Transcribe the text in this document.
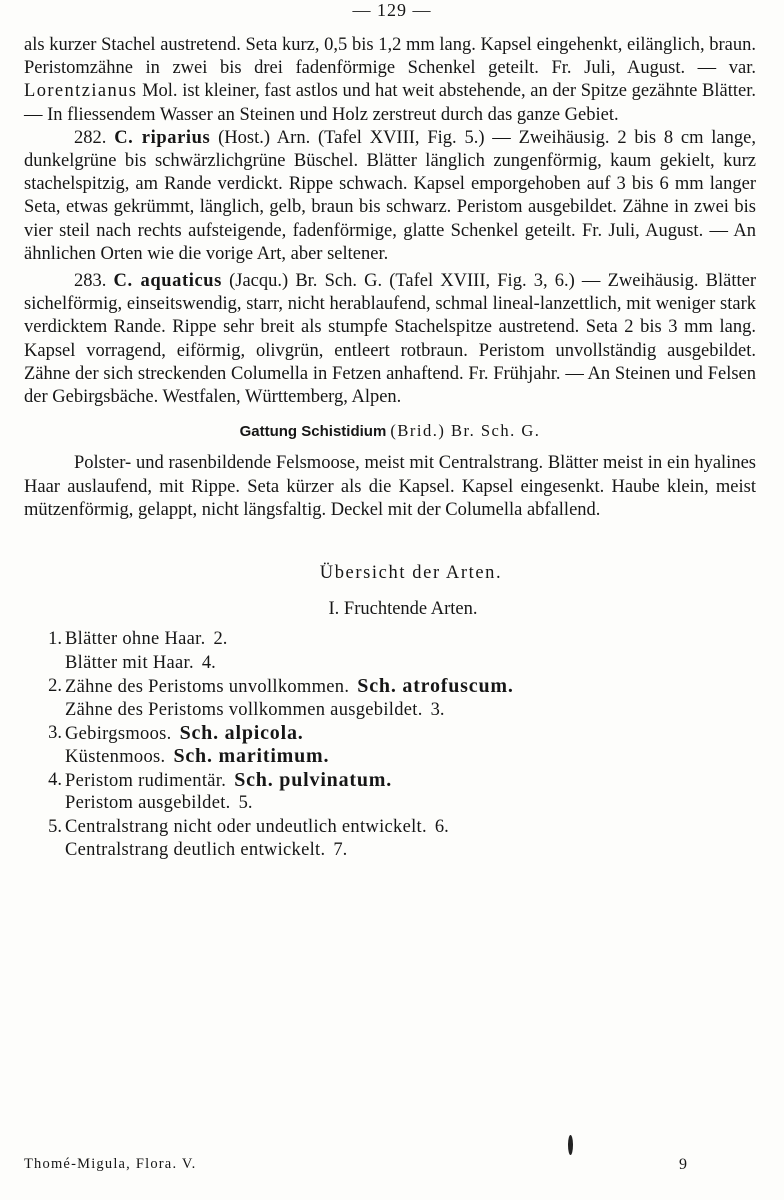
— 129 —

als kurzer Stachel austretend. Seta kurz, 0,5 bis 1,2 mm lang. Kapsel eingehenkt, eilänglich, braun. Peristomzähne in zwei bis drei fadenförmige Schenkel geteilt. Fr. Juli, August. — var. Lorentzianus Mol. ist kleiner, fast astlos und hat weit abstehende, an der Spitze gezähnte Blätter. — In fliessendem Wasser an Steinen und Holz zerstreut durch das ganze Gebiet.

282. C. riparius (Host.) Arn. (Tafel XVIII, Fig. 5.) — Zweihäusig. 2 bis 8 cm lange, dunkelgrüne bis schwärzlichgrüne Büschel. Blätter länglich zungenförmig, kaum gekielt, kurz stachelspitzig, am Rande verdickt. Rippe schwach. Kapsel emporgehoben auf 3 bis 6 mm langer Seta, etwas gekrümmt, länglich, gelb, braun bis schwarz. Peristom ausgebildet. Zähne in zwei bis vier steil nach rechts aufsteigende, fadenförmige, glatte Schenkel geteilt. Fr. Juli, August. — An ähnlichen Orten wie die vorige Art, aber seltener.

283. C. aquaticus (Jacqu.) Br. Sch. G. (Tafel XVIII, Fig. 3, 6.) — Zweihäusig. Blätter sichelförmig, einseitswendig, starr, nicht herablaufend, schmal lineal-lanzettlich, mit weniger stark verdicktem Rande. Rippe sehr breit als stumpfe Stachelspitze austretend. Seta 2 bis 3 mm lang. Kapsel vorragend, eiförmig, olivgrün, entleert rotbraun. Peristom unvollständig ausgebildet. Zähne der sich streckenden Columella in Fetzen anhaftend. Fr. Frühjahr. — An Steinen und Felsen der Gebirgsbäche. Westfalen, Württemberg, Alpen.

Gattung Schistidium (Brid.) Br. Sch. G.

Polster- und rasenbildende Felsmoose, meist mit Centralstrang. Blätter meist in ein hyalines Haar auslaufend, mit Rippe. Seta kürzer als die Kapsel. Kapsel eingesenkt. Haube klein, meist mützenförmig, gelappt, nicht längsfaltig. Deckel mit der Columella abfallend.

Übersicht der Arten.
I. Fruchtende Arten.
1. Blätter ohne Haar. 2.
Blätter mit Haar. 4.
2. Zähne des Peristoms unvollkommen. Sch. atrofuscum.
Zähne des Peristoms vollkommen ausgebildet. 3.
3. Gebirgsmoos. Sch. alpicola.
Küstenmoos. Sch. maritimum.
4. Peristom rudimentär. Sch. pulvinatum.
Peristom ausgebildet. 5.
5. Centralstrang nicht oder undeutlich entwickelt. 6.
Centralstrang deutlich entwickelt. 7.
Thomé-Migula, Flora. V.	9
